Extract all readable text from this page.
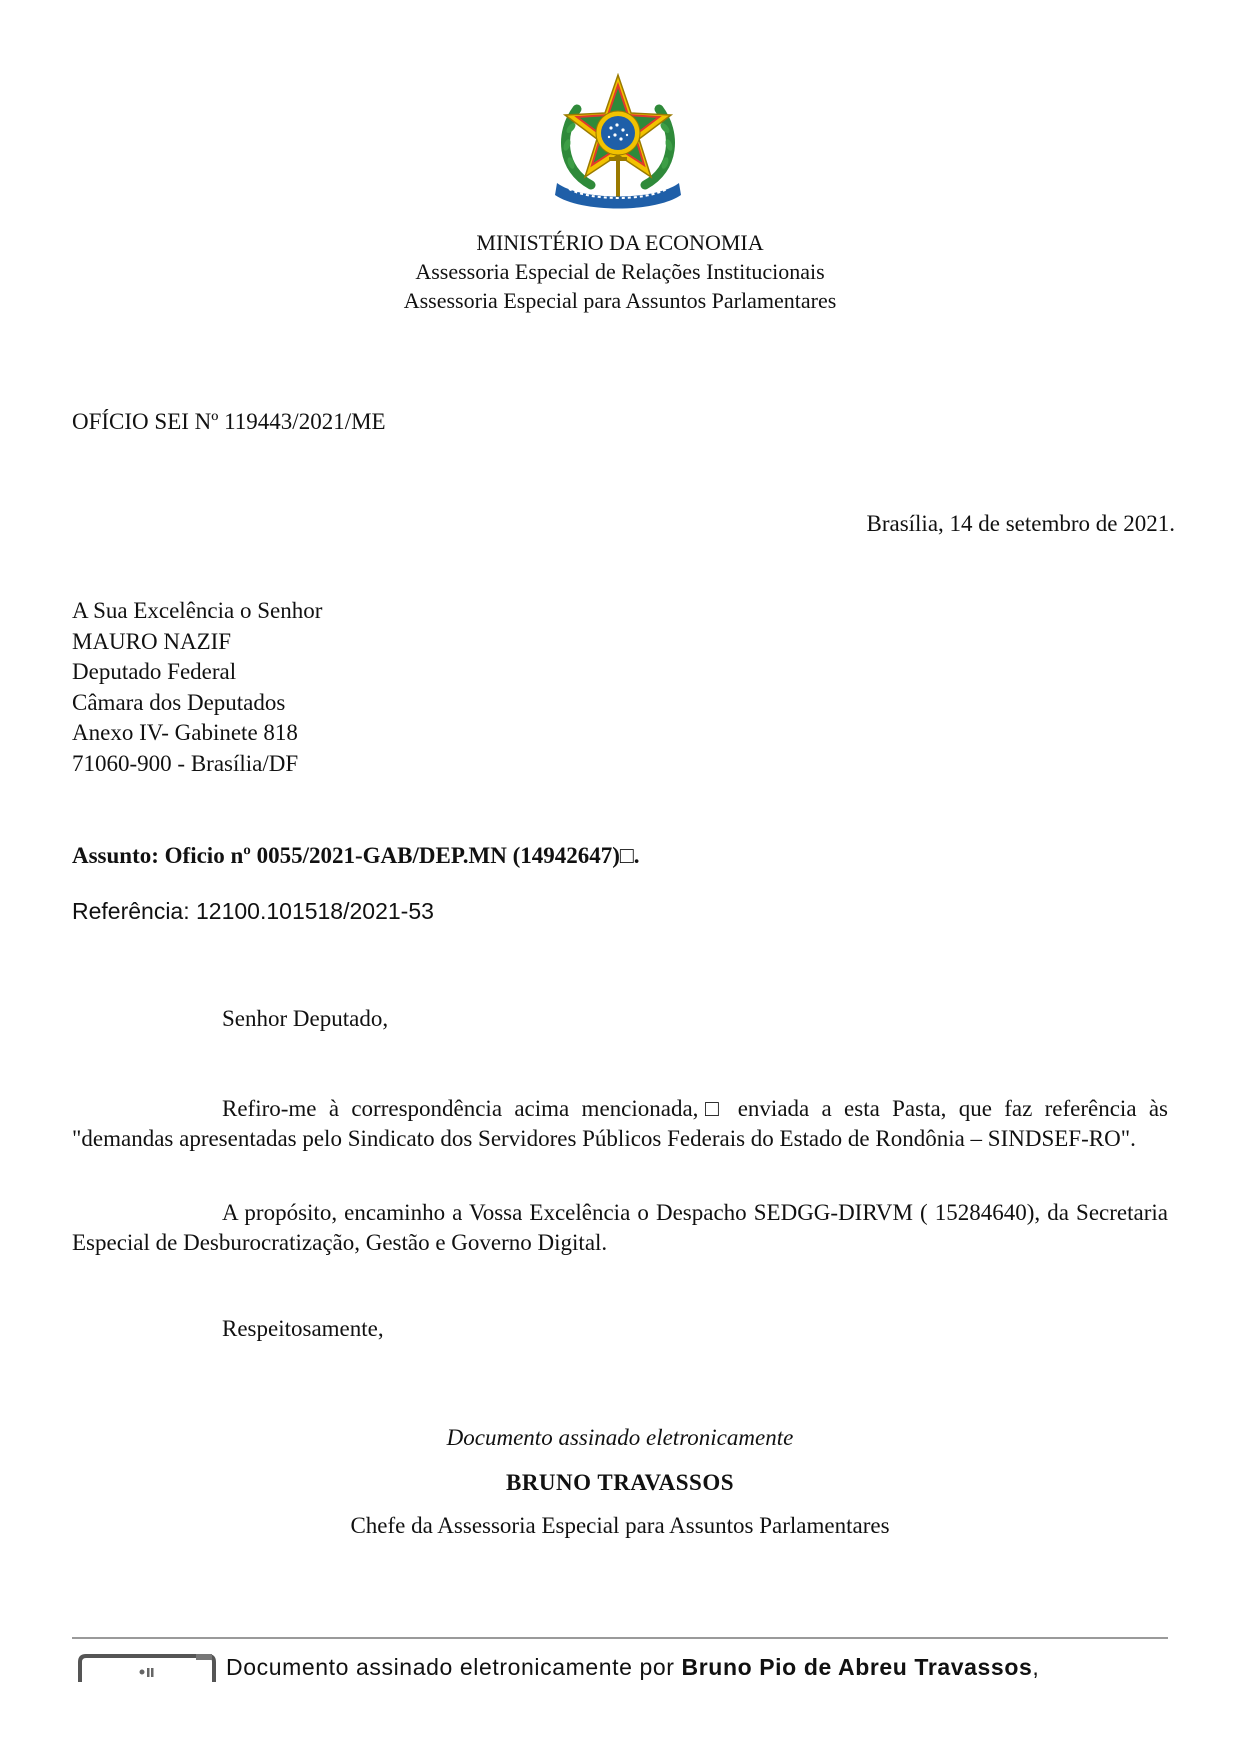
MINISTÉRIO DA ECONOMIA
Assessoria Especial de Relações Institucionais
Assessoria Especial para Assuntos Parlamentares
OFÍCIO SEI Nº 119443/2021/ME
Brasília, 14 de setembro de 2021.
A Sua Excelência o Senhor
MAURO NAZIF
Deputado Federal
Câmara dos Deputados
Anexo IV- Gabinete 818
71060-900 - Brasília/DF
Assunto: Oficio nº 0055/2021-GAB/DEP.MN (14942647)□.
Referência: 12100.101518/2021-53
Senhor Deputado,
Refiro-me à correspondência acima mencionada,□ enviada a esta Pasta, que faz referência às "demandas apresentadas pelo Sindicato dos Servidores Públicos Federais do Estado de Rondônia – SINDSEF-RO".
A propósito, encaminho a Vossa Excelência o Despacho SEDGG-DIRVM ( 15284640), da Secretaria Especial de Desburocratização, Gestão e Governo Digital.
Respeitosamente,
Documento assinado eletronicamente
BRUNO TRAVASSOS
Chefe da Assessoria Especial para Assuntos Parlamentares
Documento assinado eletronicamente por Bruno Pio de Abreu Travassos,
